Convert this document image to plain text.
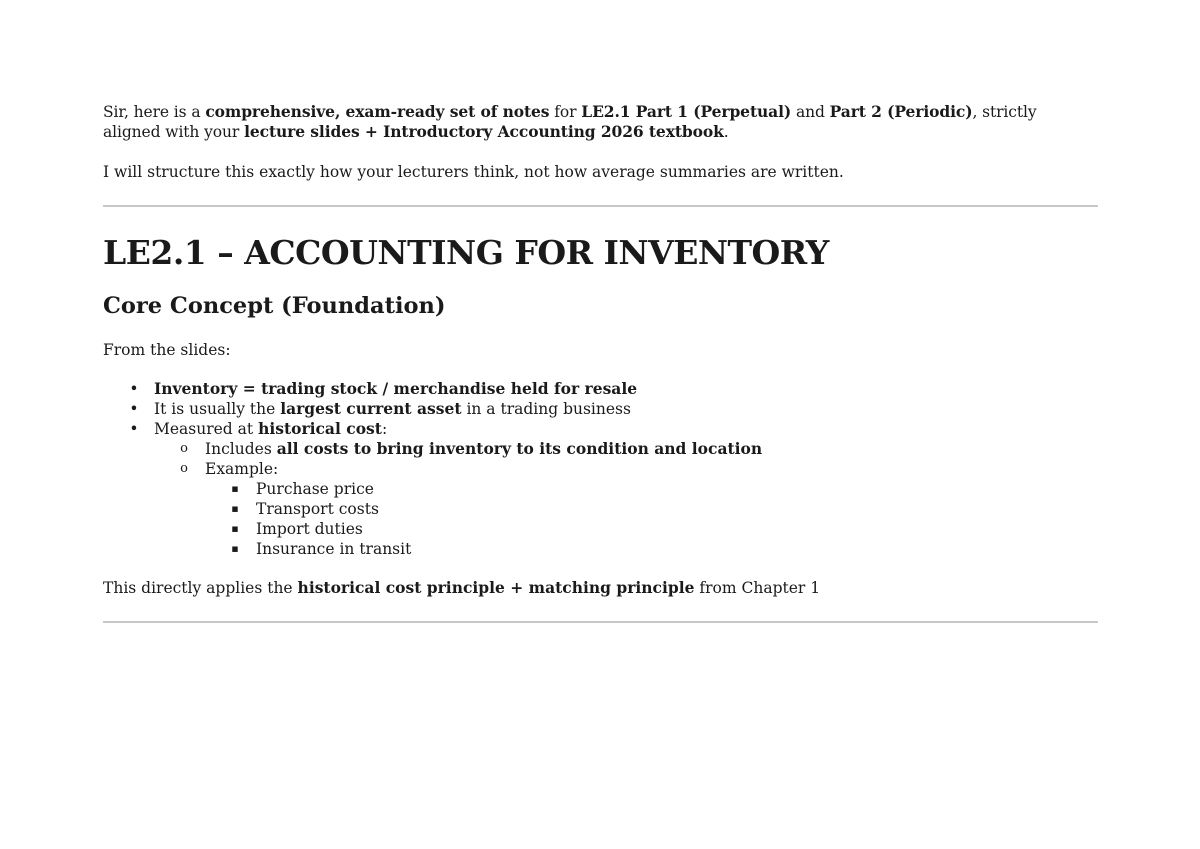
Sir, here is a comprehensive, exam-ready set of notes for LE2.1 Part 1 (Perpetual) and Part 2 (Periodic), strictly aligned with your lecture slides + Introductory Accounting 2026 textbook.

I will structure this exactly how your lecturers think, not how average summaries are written.

LE2.1 – ACCOUNTING FOR INVENTORY
Core Concept (Foundation)

From the slides:

• Inventory = trading stock / merchandise held for resale
• It is usually the largest current asset in a trading business
• Measured at historical cost:
o Includes all costs to bring inventory to its condition and location
o Example:
▪ Purchase price
▪ Transport costs
▪ Import duties
▪ Insurance in transit

This directly applies the historical cost principle + matching principle from Chapter 1
